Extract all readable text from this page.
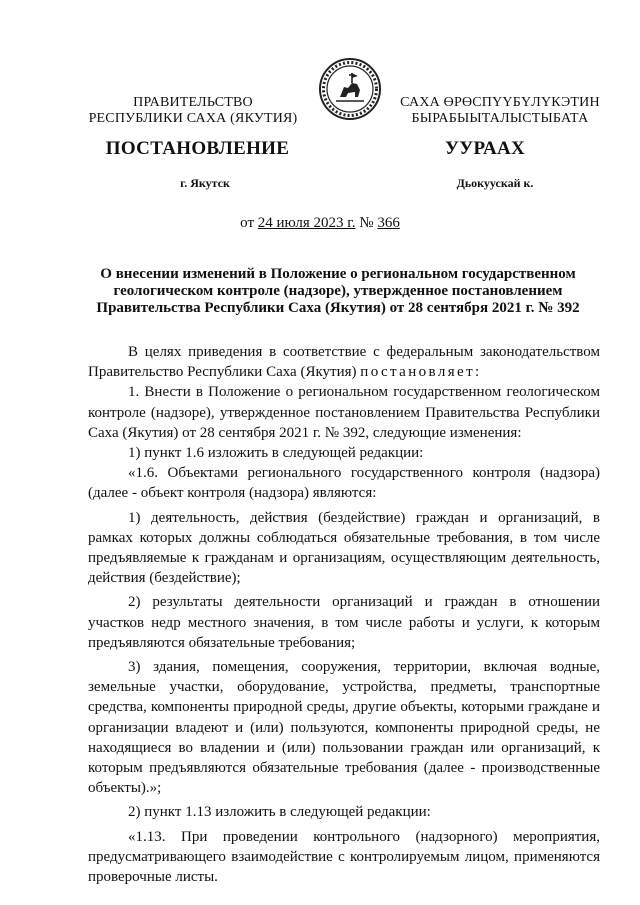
ПРАВИТЕЛЬСТВО
РЕСПУБЛИКИ САХА (ЯКУТИЯ)
САХА ӨРӨСПҮҮБҮЛҮКЭТИН
БЫРАБЫЫТАЛЫСТЫБАТА
ПОСТАНОВЛЕНИЕ	УУРААХ
г. Якутск	Дьокуускай к.
от 24 июля 2023 г. № 366
О внесении изменений в Положение о региональном государственном
геологическом контроле (надзоре), утвержденное постановлением
Правительства Республики Саха (Якутия) от 28 сентября 2021 г. № 392

В целях приведения в соответствие с федеральным законодательством Правительство Республики Саха (Якутия) постановляет:

1. Внести в Положение о региональном государственном геологическом контроле (надзоре), утвержденное постановлением Правительства Республики Саха (Якутия) от 28 сентября 2021 г. № 392, следующие изменения:

1) пункт 1.6 изложить в следующей редакции:

«1.6. Объектами регионального государственного контроля (надзора) (далее - объект контроля (надзора) являются:

1) деятельность, действия (бездействие) граждан и организаций, в рамках которых должны соблюдаться обязательные требования, в том числе предъявляемые к гражданам и организациям, осуществляющим деятельность, действия (бездействие);

2) результаты деятельности организаций и граждан в отношении участков недр местного значения, в том числе работы и услуги, к которым предъявляются обязательные требования;

3) здания, помещения, сооружения, территории, включая водные, земельные участки, оборудование, устройства, предметы, транспортные средства, компоненты природной среды, другие объекты, которыми граждане и организации владеют и (или) пользуются, компоненты природной среды, не находящиеся во владении и (или) пользовании граждан или организаций, к которым предъявляются обязательные требования (далее - производственные объекты).»;

2) пункт 1.13 изложить в следующей редакции:

«1.13. При проведении контрольного (надзорного) мероприятия, предусматривающего взаимодействие с контролируемым лицом, применяются проверочные листы.
